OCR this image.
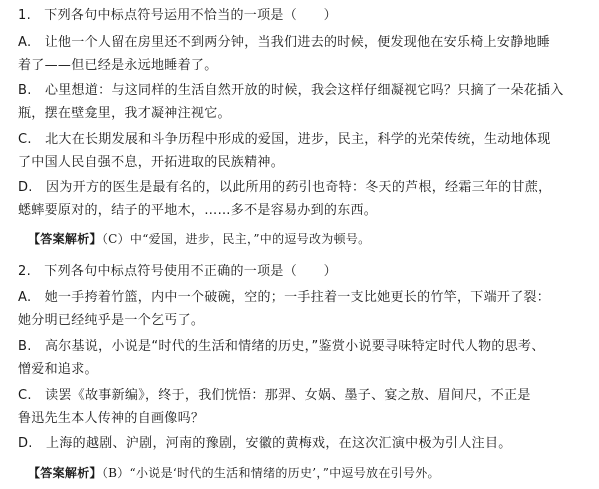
1.　下列各句中标点符号运用不恰当的一项是（　　）
A.　让他一个人留在房里还不到两分钟，当我们进去的时候，便发现他在安乐椅上安静地睡
着了——但已经是永远地睡着了。
B.　心里想道：与这同样的生活自然开放的时候，我会这样仔细凝视它吗？只摘了一朵花插入
瓶，摆在壁龛里，我才凝神注视它。
C.　北大在长期发展和斗争历程中形成的爱国，进步，民主，科学的光荣传统，生动地体现
了中国人民自强不息，开拓进取的民族精神。
D.　因为开方的医生是最有名的，以此所用的药引也奇特：冬天的芦根，经霜三年的甘蔗，
蟋蟀要原对的，结子的平地木，……多不是容易办到的东西。
【答案解析】（C）中“爱国，进步，民主，”中的逗号改为顿号。
2.　下列各句中标点符号使用不正确的一项是（　　）
A.　她一手挎着竹篮，内中一个破碗，空的；一手拄着一支比她更长的竹竿，下端开了裂：
她分明已经纯乎是一个乞丐了。
B.　高尔基说，小说是“时代的生活和情绪的历史，”鉴赏小说要寻味特定时代人物的思考、
憎爱和追求。
C.　读罢《故事新编》，终于，我们恍悟：那羿、女娲、墨子、宴之敖、眉间尺，不正是
鲁迅先生本人传神的自画像吗？
D.　上海的越剧、沪剧，河南的豫剧，安徽的黄梅戏，在这次汇演中极为引人注目。
【答案解析】（B）“小说是‘时代的生活和情绪的历史’，”中逗号放在引号外。
